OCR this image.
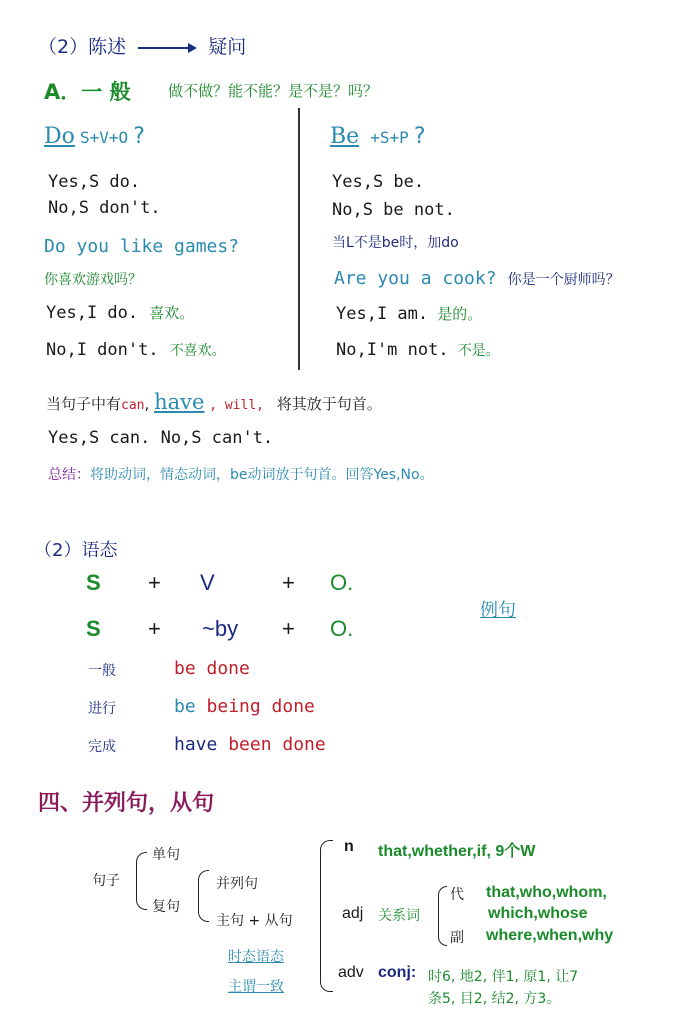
（2）陈述	疑问
A．一 般 做不做？能不能？是不是？吗？
Do S+V+O ?
Yes,S do.
No,S don't.
Do you like games?
你喜欢游戏吗？
Yes,I do. 喜欢。
No,I don't. 不喜欢。
Be +S+P ?
Yes,S be.
No,S be not.
当L不是be时，加do
Are you a cook? 你是一个厨师吗？
Yes,I am. 是的。
No,I'm not. 不是。
当句子中有can, have , will, 将其放于句首。
Yes,S can. No,S can't.
总结：将助动词，情态动词，be动词放于句首。回答Yes,No。
（2）语态
S + V	+ O.
S + ~by + O.
例句
一般	be done
进行	be being done
完成	have been done
四、并列句，从句
句子
单句
复句
并列句
主句 + 从句
时态语态
主谓一致
n that,whether,if, 9个W
adj 关系词
代 that,who,whom,
which,whose
副 where,when,why
adv conj: 时6, 地2, 伴1, 原1, 让7
条5, 目2, 结2, 方3。
